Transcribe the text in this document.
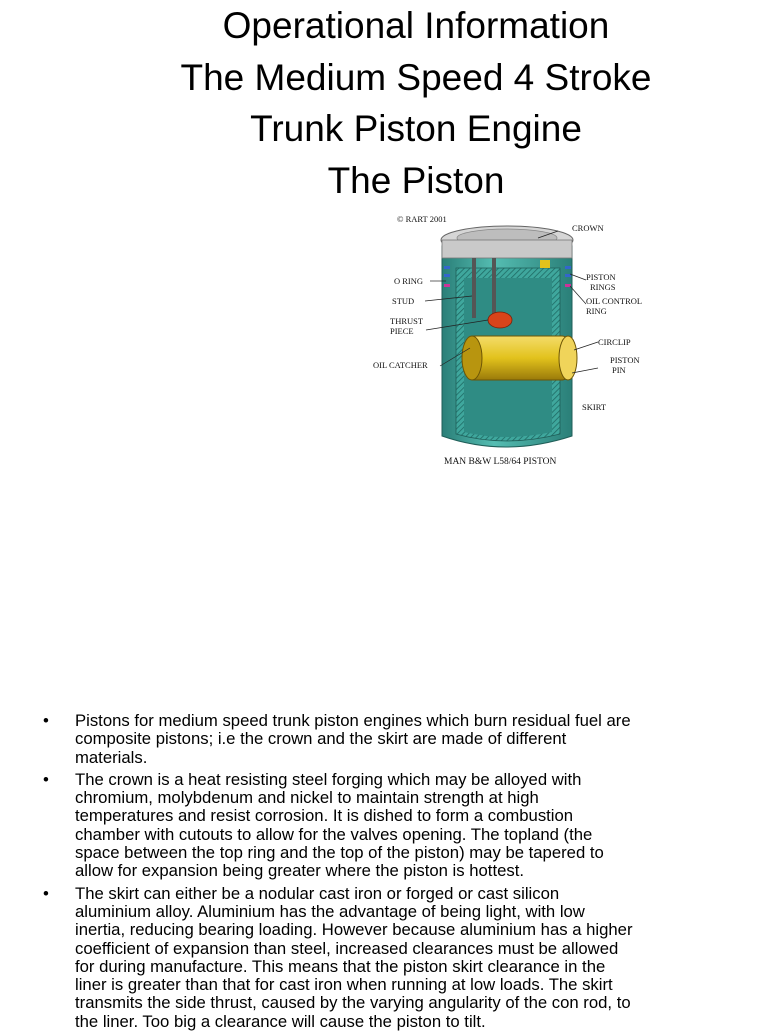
Operational Information
The Medium Speed 4 Stroke
Trunk Piston Engine
The Piston
© RART 2001
CROWN
O RING	PISTON
RINGS
STUD	OIL CONTROL
RING
THRUST
PIECE
CIRCLIP
OIL CATCHER	PISTON
PIN
SKIRT
MAN B&W L58/64 PISTON
• Pistons for medium speed trunk piston engines which burn residual fuel are
composite pistons; i.e the crown and the skirt are made of different
materials.
• The crown is a heat resisting steel forging which may be alloyed with
chromium, molybdenum and nickel to maintain strength at high
temperatures and resist corrosion. It is dished to form a combustion
chamber with cutouts to allow for the valves opening. The topland (the
space between the top ring and the top of the piston) may be tapered to
allow for expansion being greater where the piston is hottest.
• The skirt can either be a nodular cast iron or forged or cast silicon
aluminium alloy. Aluminium has the advantage of being light, with low
inertia, reducing bearing loading. However because aluminium has a higher
coefficient of expansion than steel, increased clearances must be allowed
for during manufacture. This means that the piston skirt clearance in the
liner is greater than that for cast iron when running at low loads. The skirt
transmits the side thrust, caused by the varying angularity of the con rod, to
the liner. Too big a clearance will cause the piston to tilt.
